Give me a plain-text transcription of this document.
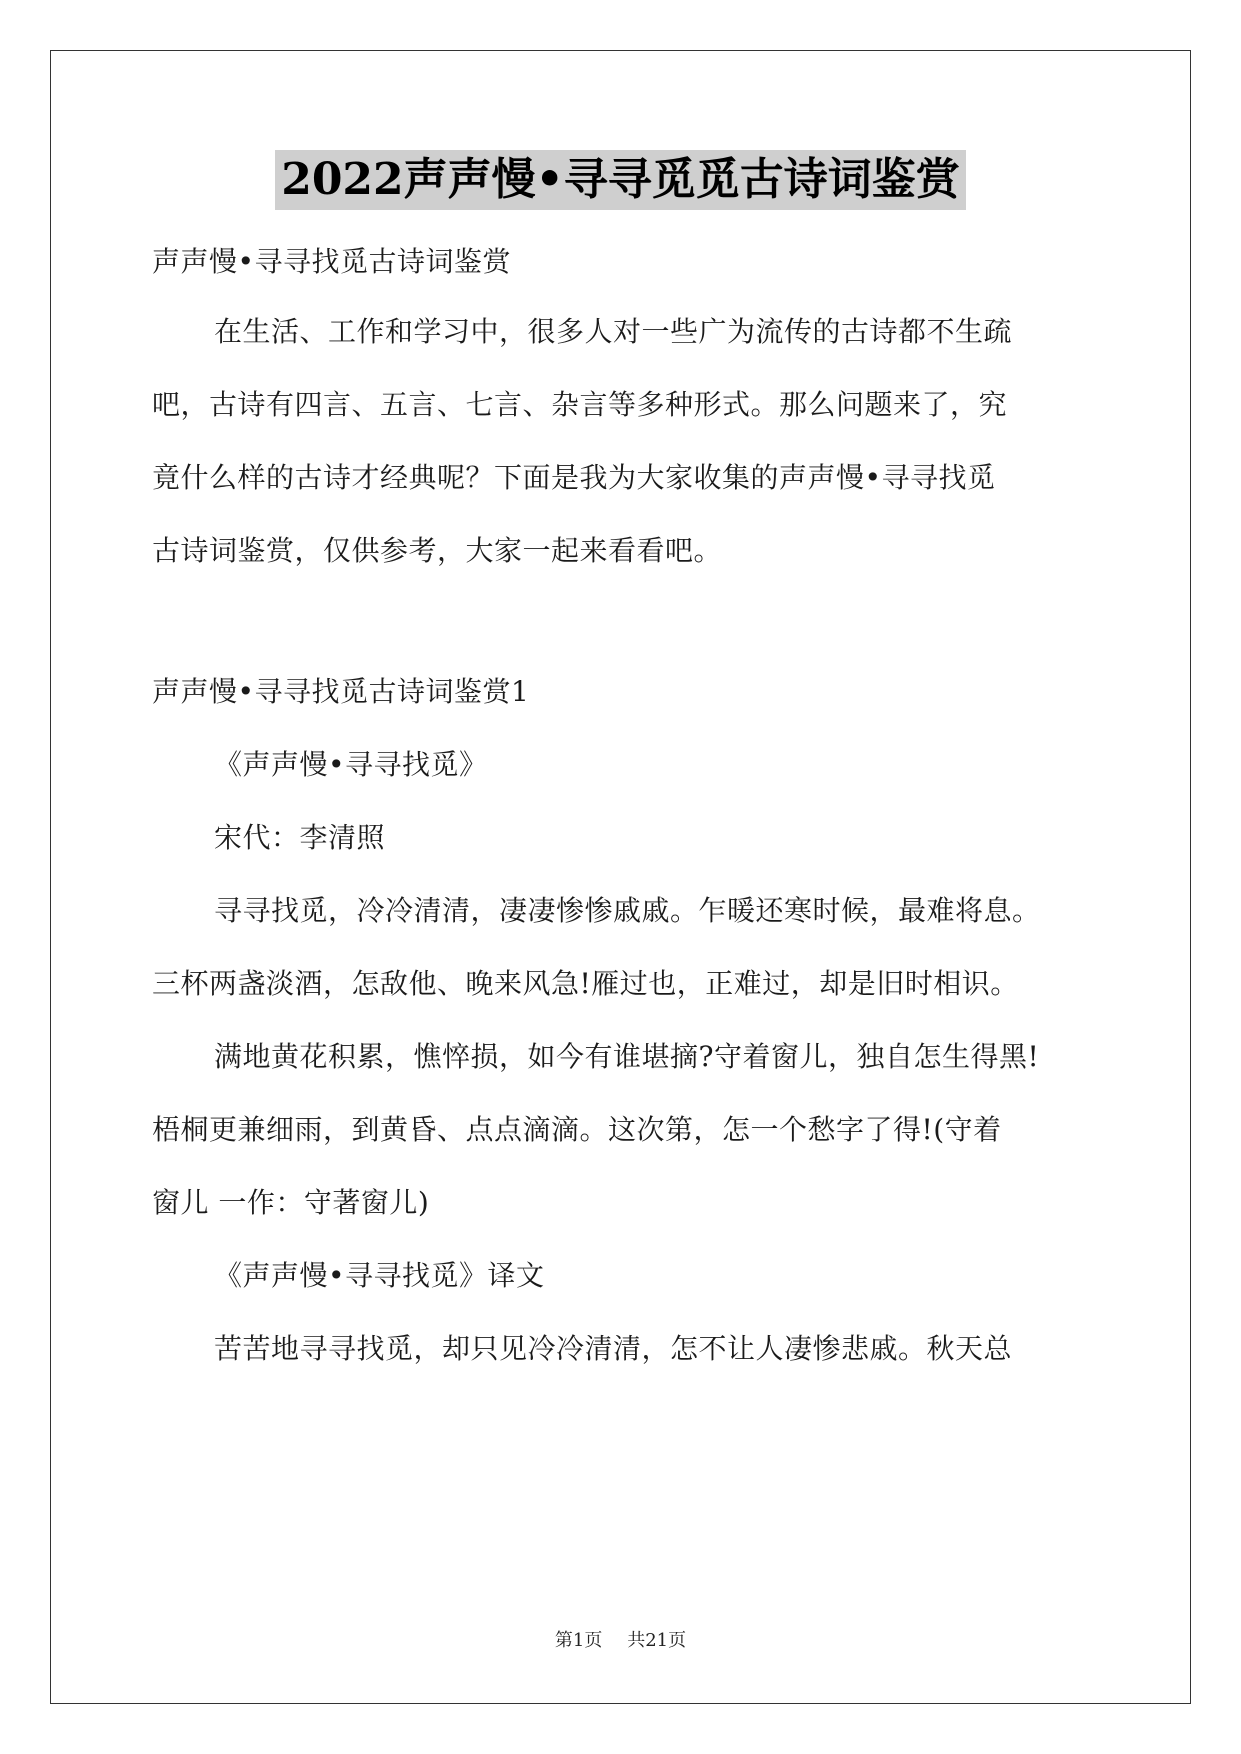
2022声声慢•寻寻觅觅古诗词鉴赏
声声慢•寻寻找觅古诗词鉴赏
在生活、工作和学习中，很多人对一些广为流传的古诗都不生疏
吧，古诗有四言、五言、七言、杂言等多种形式。那么问题来了，究
竟什么样的古诗才经典呢？下面是我为大家收集的声声慢•寻寻找觅
古诗词鉴赏，仅供参考，大家一起来看看吧。
声声慢•寻寻找觅古诗词鉴赏1
《声声慢•寻寻找觅》
宋代：李清照
寻寻找觅，冷冷清清，凄凄惨惨戚戚。乍暖还寒时候，最难将息。
三杯两盏淡酒，怎敌他、晚来风急!雁过也，正难过，却是旧时相识。
满地黄花积累，憔悴损，如今有谁堪摘?守着窗儿，独自怎生得黑!
梧桐更兼细雨，到黄昏、点点滴滴。这次第，怎一个愁字了得!(守着
窗儿 一作：守著窗儿)
《声声慢•寻寻找觅》译文
苦苦地寻寻找觅，却只见冷冷清清，怎不让人凄惨悲戚。秋天总
第1页 共21页
